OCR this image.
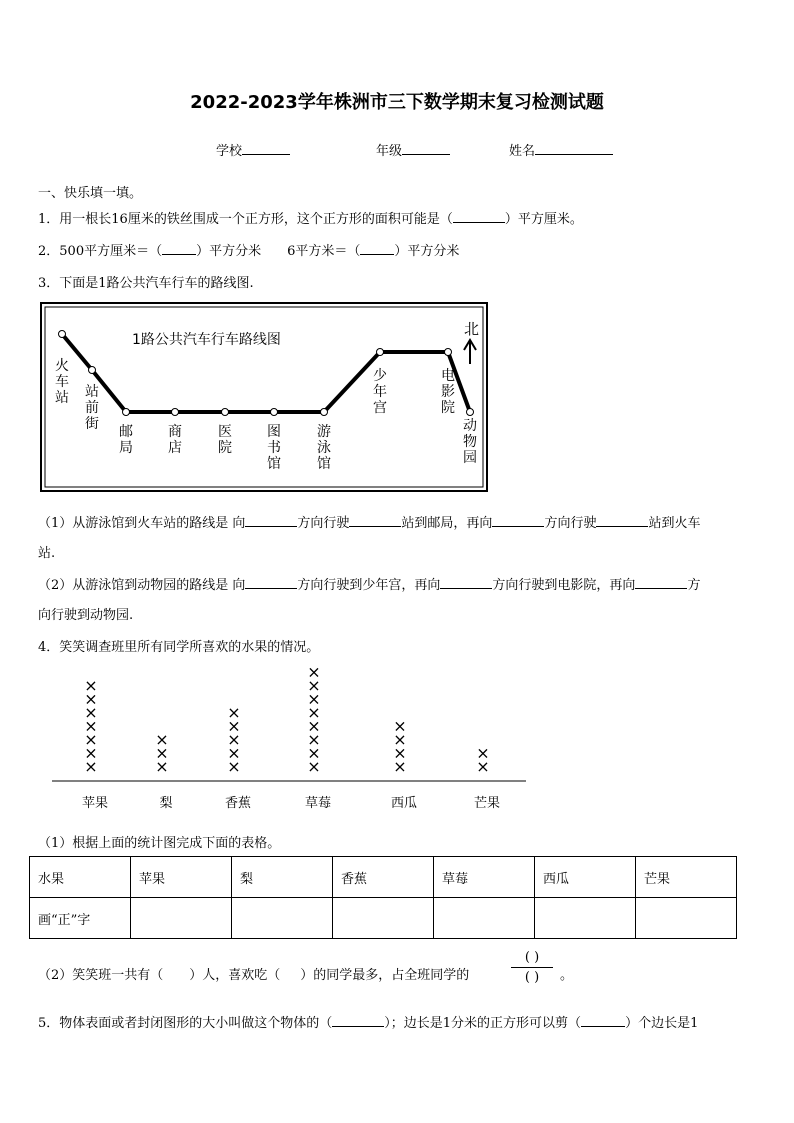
2022-2023学年株洲市三下数学期末复习检测试题
学校	年级	姓名
一、快乐填一填。
1．用一根长16厘米的铁丝围成一个正方形，这个正方形的面积可能是（	）平方厘米。
2．500平方厘米＝（	）平方分米 6平方米＝（	）平方分米
3．下面是1路公共汽车行车的路线图.
1路公共汽车行车路线图
北
火车站 站前街 邮局
商店
医院
图书馆
游泳馆
少年宫
电影院
动物园
（1）从游泳馆到火车站的路线是 向	方向行驶	站到邮局，再向	方向行驶	站到火车
站.
（2）从游泳馆到动物园的路线是 向	方向行驶到少年宫，再向	方向行驶到电影院，再向	方
向行驶到动物园.
4．笑笑调查班里所有同学所喜欢的水果的情况。
×
×
×
×
×
×
×
×
×
×
×
×
×
×
×
×
×
×
×
×
×
×
×
×
×
×
×
×
×
苹果	梨	香蕉	草莓	西瓜	芒果
（1）根据上面的统计图完成下面的表格。
水果	苹果	梨	香蕉	草莓	西瓜	芒果
画“正”字						
（2）笑笑班一共有（ ）人，喜欢吃（ ）的同学最多，占全班同学的
( )
( )	。
5．物体表面或者封闭图形的大小叫做这个物体的（	）；边长是1分米的正方形可以剪（	）个边长是1
